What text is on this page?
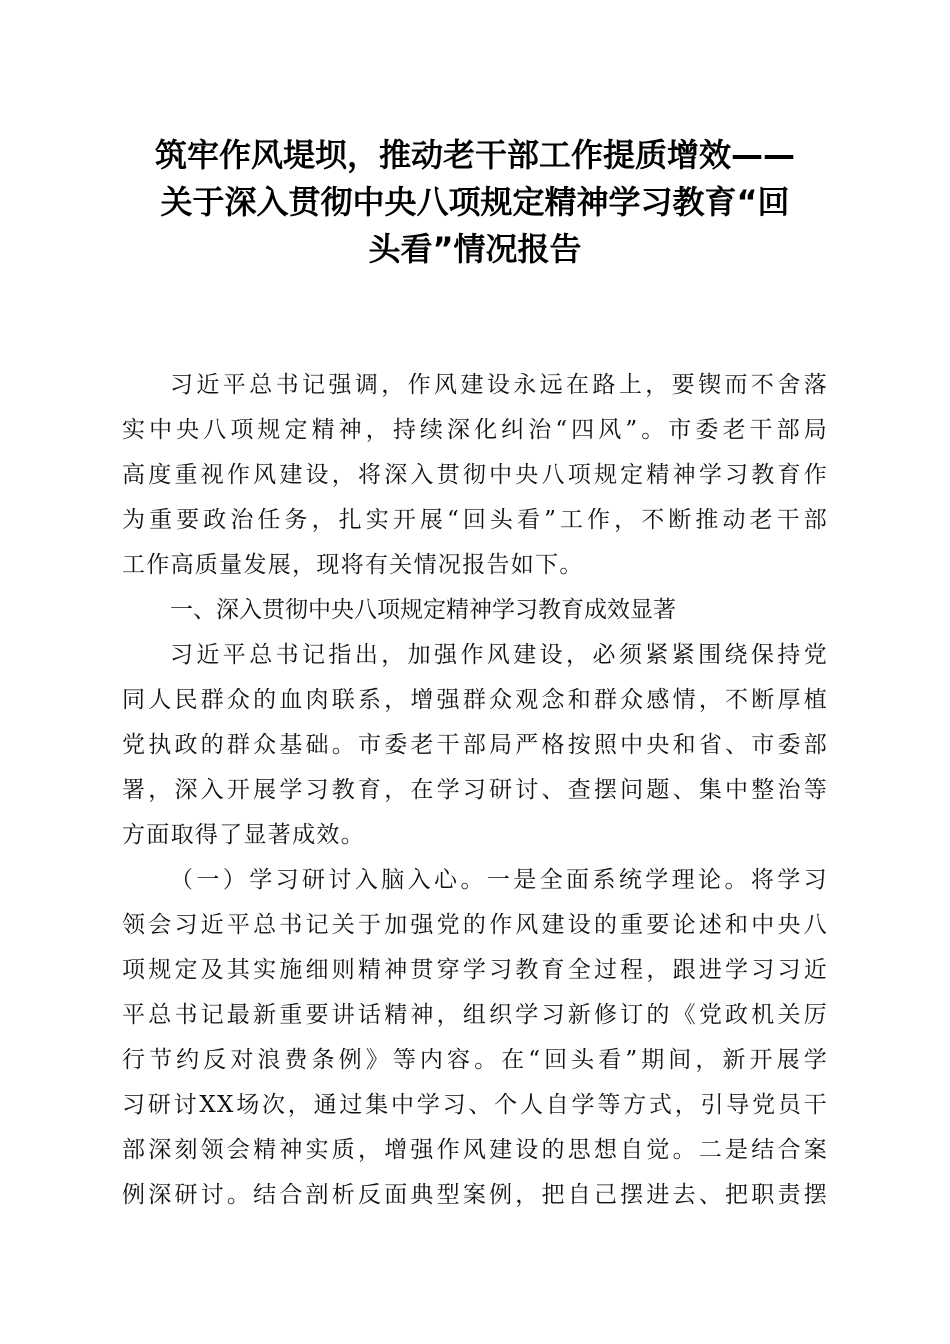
筑牢作风堤坝，推动老干部工作提质增效——
关于深入贯彻中央八项规定精神学习教育“回
头看”情况报告

习近平总书记强调，作风建设永远在路上，要锲而不舍落
实中央八项规定精神，持续深化纠治“四风”。市委老干部局
高度重视作风建设，将深入贯彻中央八项规定精神学习教育作
为重要政治任务，扎实开展“回头看”工作，不断推动老干部
工作高质量发展，现将有关情况报告如下。

一、深入贯彻中央八项规定精神学习教育成效显著

习近平总书记指出，加强作风建设，必须紧紧围绕保持党
同人民群众的血肉联系，增强群众观念和群众感情，不断厚植
党执政的群众基础。市委老干部局严格按照中央和省、市委部
署，深入开展学习教育，在学习研讨、查摆问题、集中整治等
方面取得了显著成效。

（一）学习研讨入脑入心。一是全面系统学理论。将学习
领会习近平总书记关于加强党的作风建设的重要论述和中央八
项规定及其实施细则精神贯穿学习教育全过程，跟进学习习近
平总书记最新重要讲话精神，组织学习新修订的《党政机关厉
行节约反对浪费条例》等内容。在“回头看”期间，新开展学
习研讨XX场次，通过集中学习、个人自学等方式，引导党员干
部深刻领会精神实质，增强作风建设的思想自觉。二是结合案
例深研讨。结合剖析反面典型案例，把自己摆进去、把职责摆
